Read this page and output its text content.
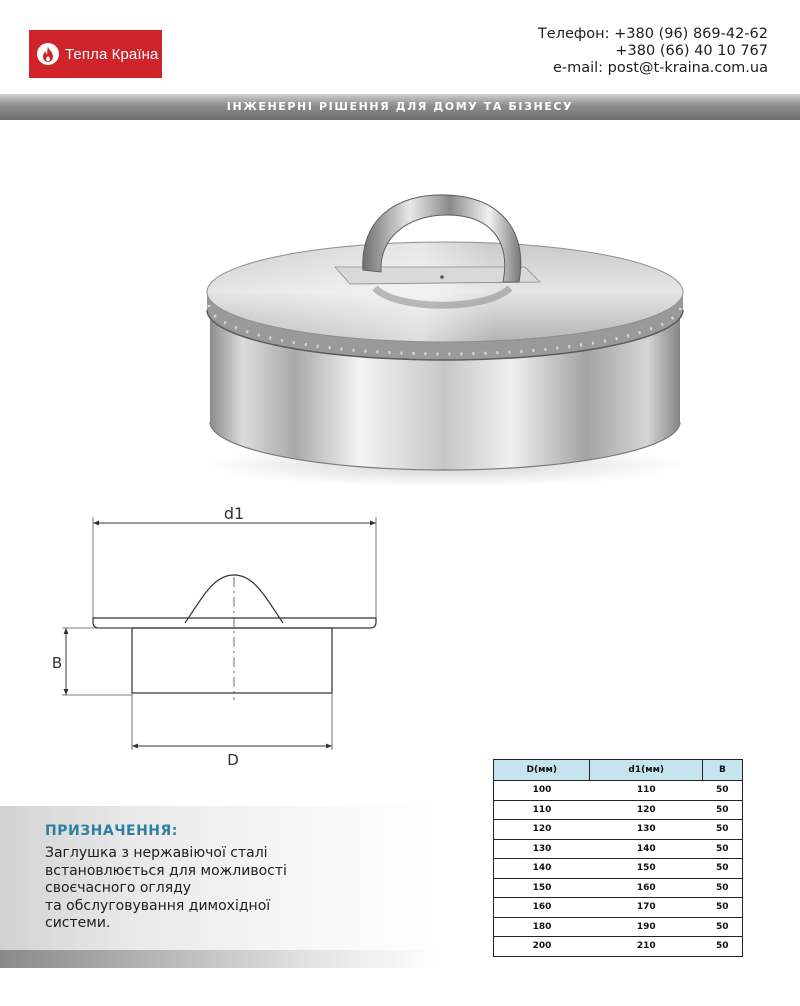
Тепла Країна
Телефон: +380 (96) 869-42-62
+380 (66) 40 10 767
e-mail: post@t-kraina.com.ua
ІНЖЕНЕРНІ РІШЕННЯ ДЛЯ ДОМУ ТА БІЗНЕСУ
d1
B
D
D(мм)	d1(мм)	B
100	110	50
110	120	50
120	130	50
130	140	50
140	150	50
150	160	50
160	170	50
180	190	50
200	210	50
ПРИЗНАЧЕННЯ:
Заглушка з нержавіючої сталі
встановлюється для можливості
своєчасного огляду
та обслуговування димохідної
системи.
